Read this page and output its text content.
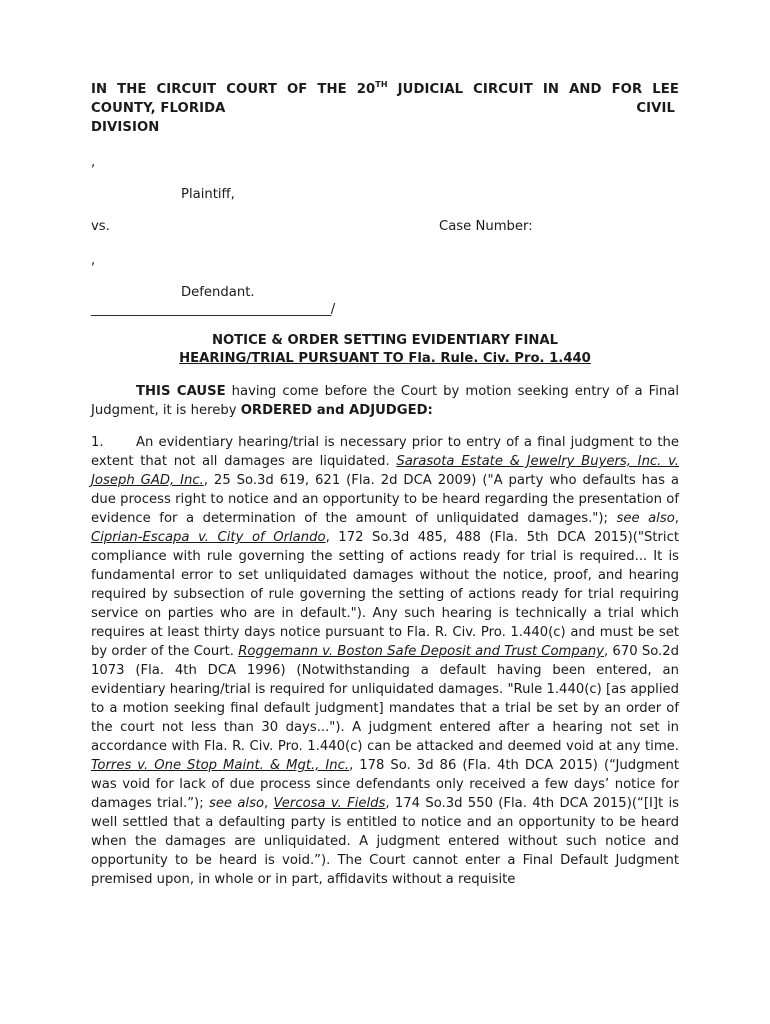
IN THE CIRCUIT COURT OF THE 20TH JUDICIAL CIRCUIT IN AND FOR LEE
COUNTY, FLORIDA	CIVIL
DIVISION
,
Plaintiff,
vs.	Case Number:
,
Defendant.
________________________________________/
NOTICE & ORDER SETTING EVIDENTIARY FINAL
HEARING/TRIAL PURSUANT TO Fla. Rule. Civ. Pro. 1.440
THIS CAUSE having come before the Court by motion seeking entry of a Final Judgment, it is hereby ORDERED and ADJUDGED:
1. An evidentiary hearing/trial is necessary prior to entry of a final judgment to the extent that not all damages are liquidated. Sarasota Estate & Jewelry Buyers, Inc. v. Joseph GAD, Inc., 25 So.3d 619, 621 (Fla. 2d DCA 2009) ("A party who defaults has a due process right to notice and an opportunity to be heard regarding the presentation of evidence for a determination of the amount of unliquidated damages."); see also, Ciprian-Escapa v. City of Orlando, 172 So.3d 485, 488 (Fla. 5th DCA 2015)("Strict compliance with rule governing the setting of actions ready for trial is required... It is fundamental error to set unliquidated damages without the notice, proof, and hearing required by subsection of rule governing the setting of actions ready for trial requiring service on parties who are in default."). Any such hearing is technically a trial which requires at least thirty days notice pursuant to Fla. R. Civ. Pro. 1.440(c) and must be set by order of the Court. Roggemann v. Boston Safe Deposit and Trust Company, 670 So.2d 1073 (Fla. 4th DCA 1996) (Notwithstanding a default having been entered, an evidentiary hearing/trial is required for unliquidated damages. "Rule 1.440(c) [as applied to a motion seeking final default judgment] mandates that a trial be set by an order of the court not less than 30 days..."). A judgment entered after a hearing not set in accordance with Fla. R. Civ. Pro. 1.440(c) can be attacked and deemed void at any time. Torres v. One Stop Maint. & Mgt., Inc., 178 So. 3d 86 (Fla. 4th DCA 2015) (“Judgment was void for lack of due process since defendants only received a few days’ notice for damages trial.”); see also, Vercosa v. Fields, 174 So.3d 550 (Fla. 4th DCA 2015)(“[I]t is well settled that a defaulting party is entitled to notice and an opportunity to be heard when the damages are unliquidated. A judgment entered without such notice and opportunity to be heard is void.”). The Court cannot enter a Final Default Judgment premised upon, in whole or in part, affidavits without a requisite
